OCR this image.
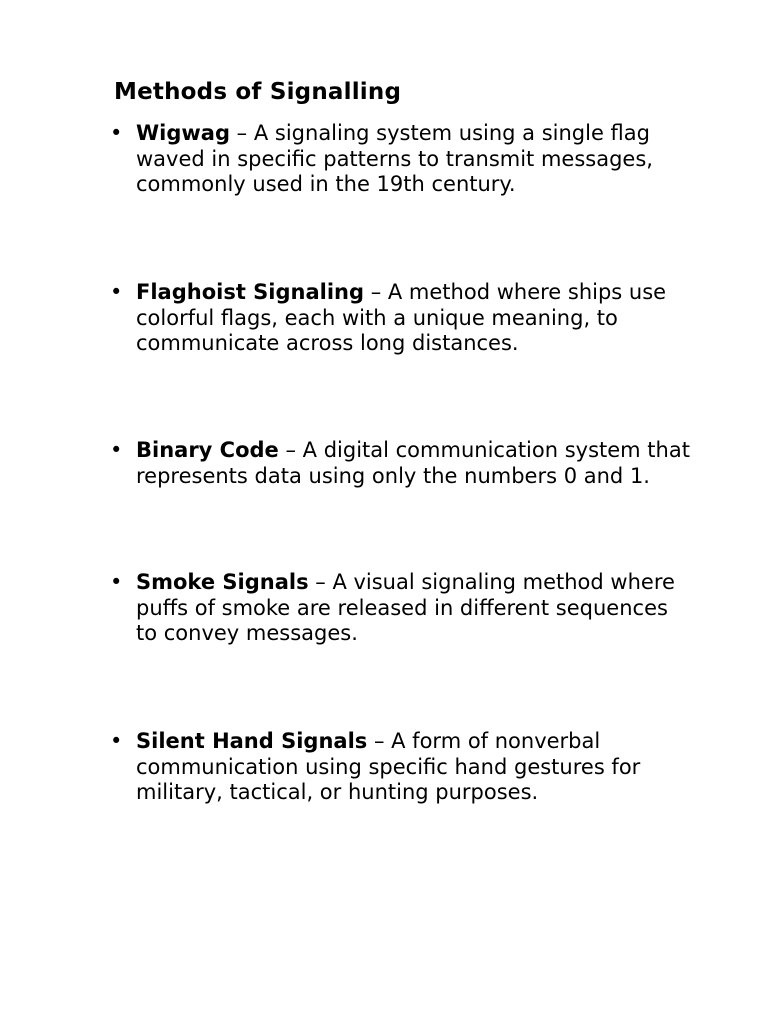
Methods of Signalling
• Wigwag – A signaling system using a single flag waved in specific patterns to transmit messages, commonly used in the 19th century.
• Flaghoist Signaling – A method where ships use colorful flags, each with a unique meaning, to communicate across long distances.
• Binary Code – A digital communication system that represents data using only the numbers 0 and 1.
• Smoke Signals – A visual signaling method where puffs of smoke are released in different sequences to convey messages.
• Silent Hand Signals – A form of nonverbal communication using specific hand gestures for military, tactical, or hunting purposes.
